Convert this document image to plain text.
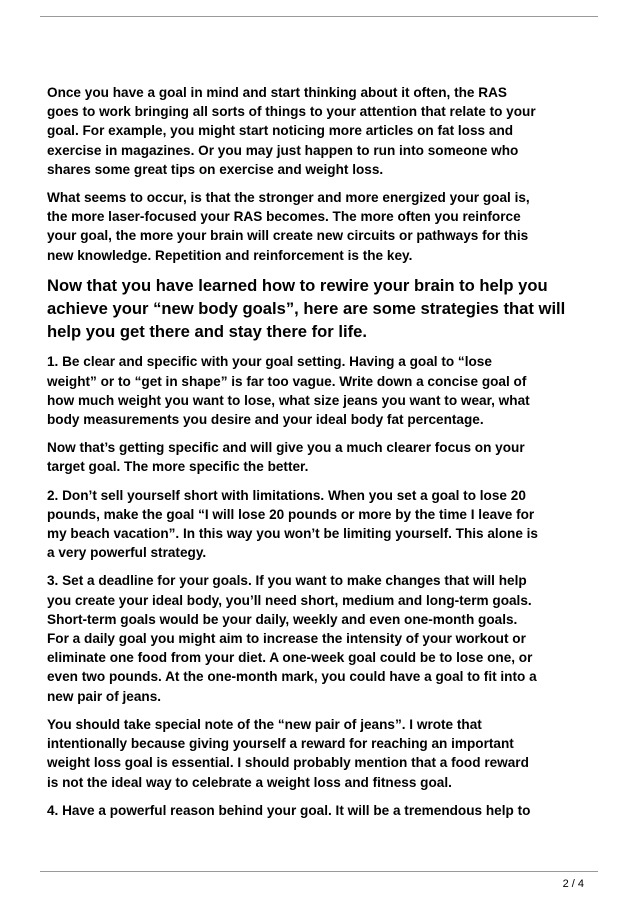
Once you have a goal in mind and start thinking about it often, the RAS
goes to work bringing all sorts of things to your attention that relate to your
goal. For example, you might start noticing more articles on fat loss and
exercise in magazines. Or you may just happen to run into someone who
shares some great tips on exercise and weight loss.

What seems to occur, is that the stronger and more energized your goal is,
the more laser-focused your RAS becomes. The more often you reinforce
your goal, the more your brain will create new circuits or pathways for this
new knowledge. Repetition and reinforcement is the key.

Now that you have learned how to rewire your brain to help you
achieve your “new body goals”, here are some strategies that will
help you get there and stay there for life.

1. Be clear and specific with your goal setting. Having a goal to “lose
weight” or to “get in shape” is far too vague. Write down a concise goal of
how much weight you want to lose, what size jeans you want to wear, what
body measurements you desire and your ideal body fat percentage.

Now that’s getting specific and will give you a much clearer focus on your
target goal. The more specific the better.

2. Don’t sell yourself short with limitations. When you set a goal to lose 20
pounds, make the goal “I will lose 20 pounds or more by the time I leave for
my beach vacation”. In this way you won’t be limiting yourself. This alone is
a very powerful strategy.

3. Set a deadline for your goals. If you want to make changes that will help
you create your ideal body, you’ll need short, medium and long-term goals.
Short-term goals would be your daily, weekly and even one-month goals.
For a daily goal you might aim to increase the intensity of your workout or
eliminate one food from your diet. A one-week goal could be to lose one, or
even two pounds. At the one-month mark, you could have a goal to fit into a
new pair of jeans.

You should take special note of the “new pair of jeans”. I wrote that
intentionally because giving yourself a reward for reaching an important
weight loss goal is essential. I should probably mention that a food reward
is not the ideal way to celebrate a weight loss and fitness goal.

4. Have a powerful reason behind your goal. It will be a tremendous help to

2 / 4
